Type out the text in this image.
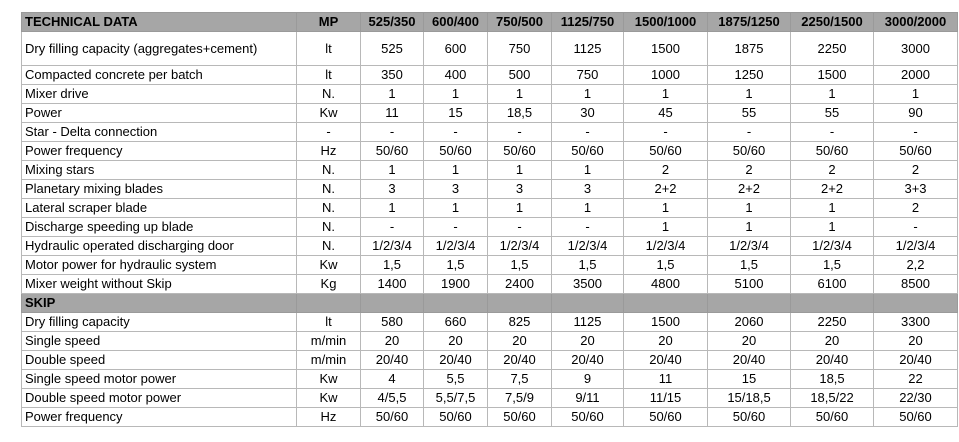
TECHNICAL DATA	MP	525/350	600/400	750/500	1125/750	1500/1000	1875/1250	2250/1500	3000/2000
Dry filling capacity (aggregates+cement)	lt	525	600	750	1125	1500	1875	2250	3000
Compacted concrete per batch	lt	350	400	500	750	1000	1250	1500	2000
Mixer drive	N.	1	1	1	1	1	1	1	1
Power	Kw	11	15	18,5	30	45	55	55	90
Star - Delta connection	-	-	-	-	-	-	-	-	-
Power frequency	Hz	50/60	50/60	50/60	50/60	50/60	50/60	50/60	50/60
Mixing stars	N.	1	1	1	1	2	2	2	2
Planetary mixing blades	N.	3	3	3	3	2+2	2+2	2+2	3+3
Lateral scraper blade	N.	1	1	1	1	1	1	1	2
Discharge speeding up blade	N.	-	-	-	-	1	1	1	-
Hydraulic operated discharging door	N.	1/2/3/4	1/2/3/4	1/2/3/4	1/2/3/4	1/2/3/4	1/2/3/4	1/2/3/4	1/2/3/4
Motor power for hydraulic system	Kw	1,5	1,5	1,5	1,5	1,5	1,5	1,5	2,2
Mixer weight without Skip	Kg	1400	1900	2400	3500	4800	5100	6100	8500
SKIP									
Dry filling capacity	lt	580	660	825	1125	1500	2060	2250	3300
Single speed	m/min	20	20	20	20	20	20	20	20
Double speed	m/min	20/40	20/40	20/40	20/40	20/40	20/40	20/40	20/40
Single speed motor power	Kw	4	5,5	7,5	9	11	15	18,5	22
Double speed motor power	Kw	4/5,5	5,5/7,5	7,5/9	9/11	11/15	15/18,5	18,5/22	22/30
Power frequency	Hz	50/60	50/60	50/60	50/60	50/60	50/60	50/60	50/60
